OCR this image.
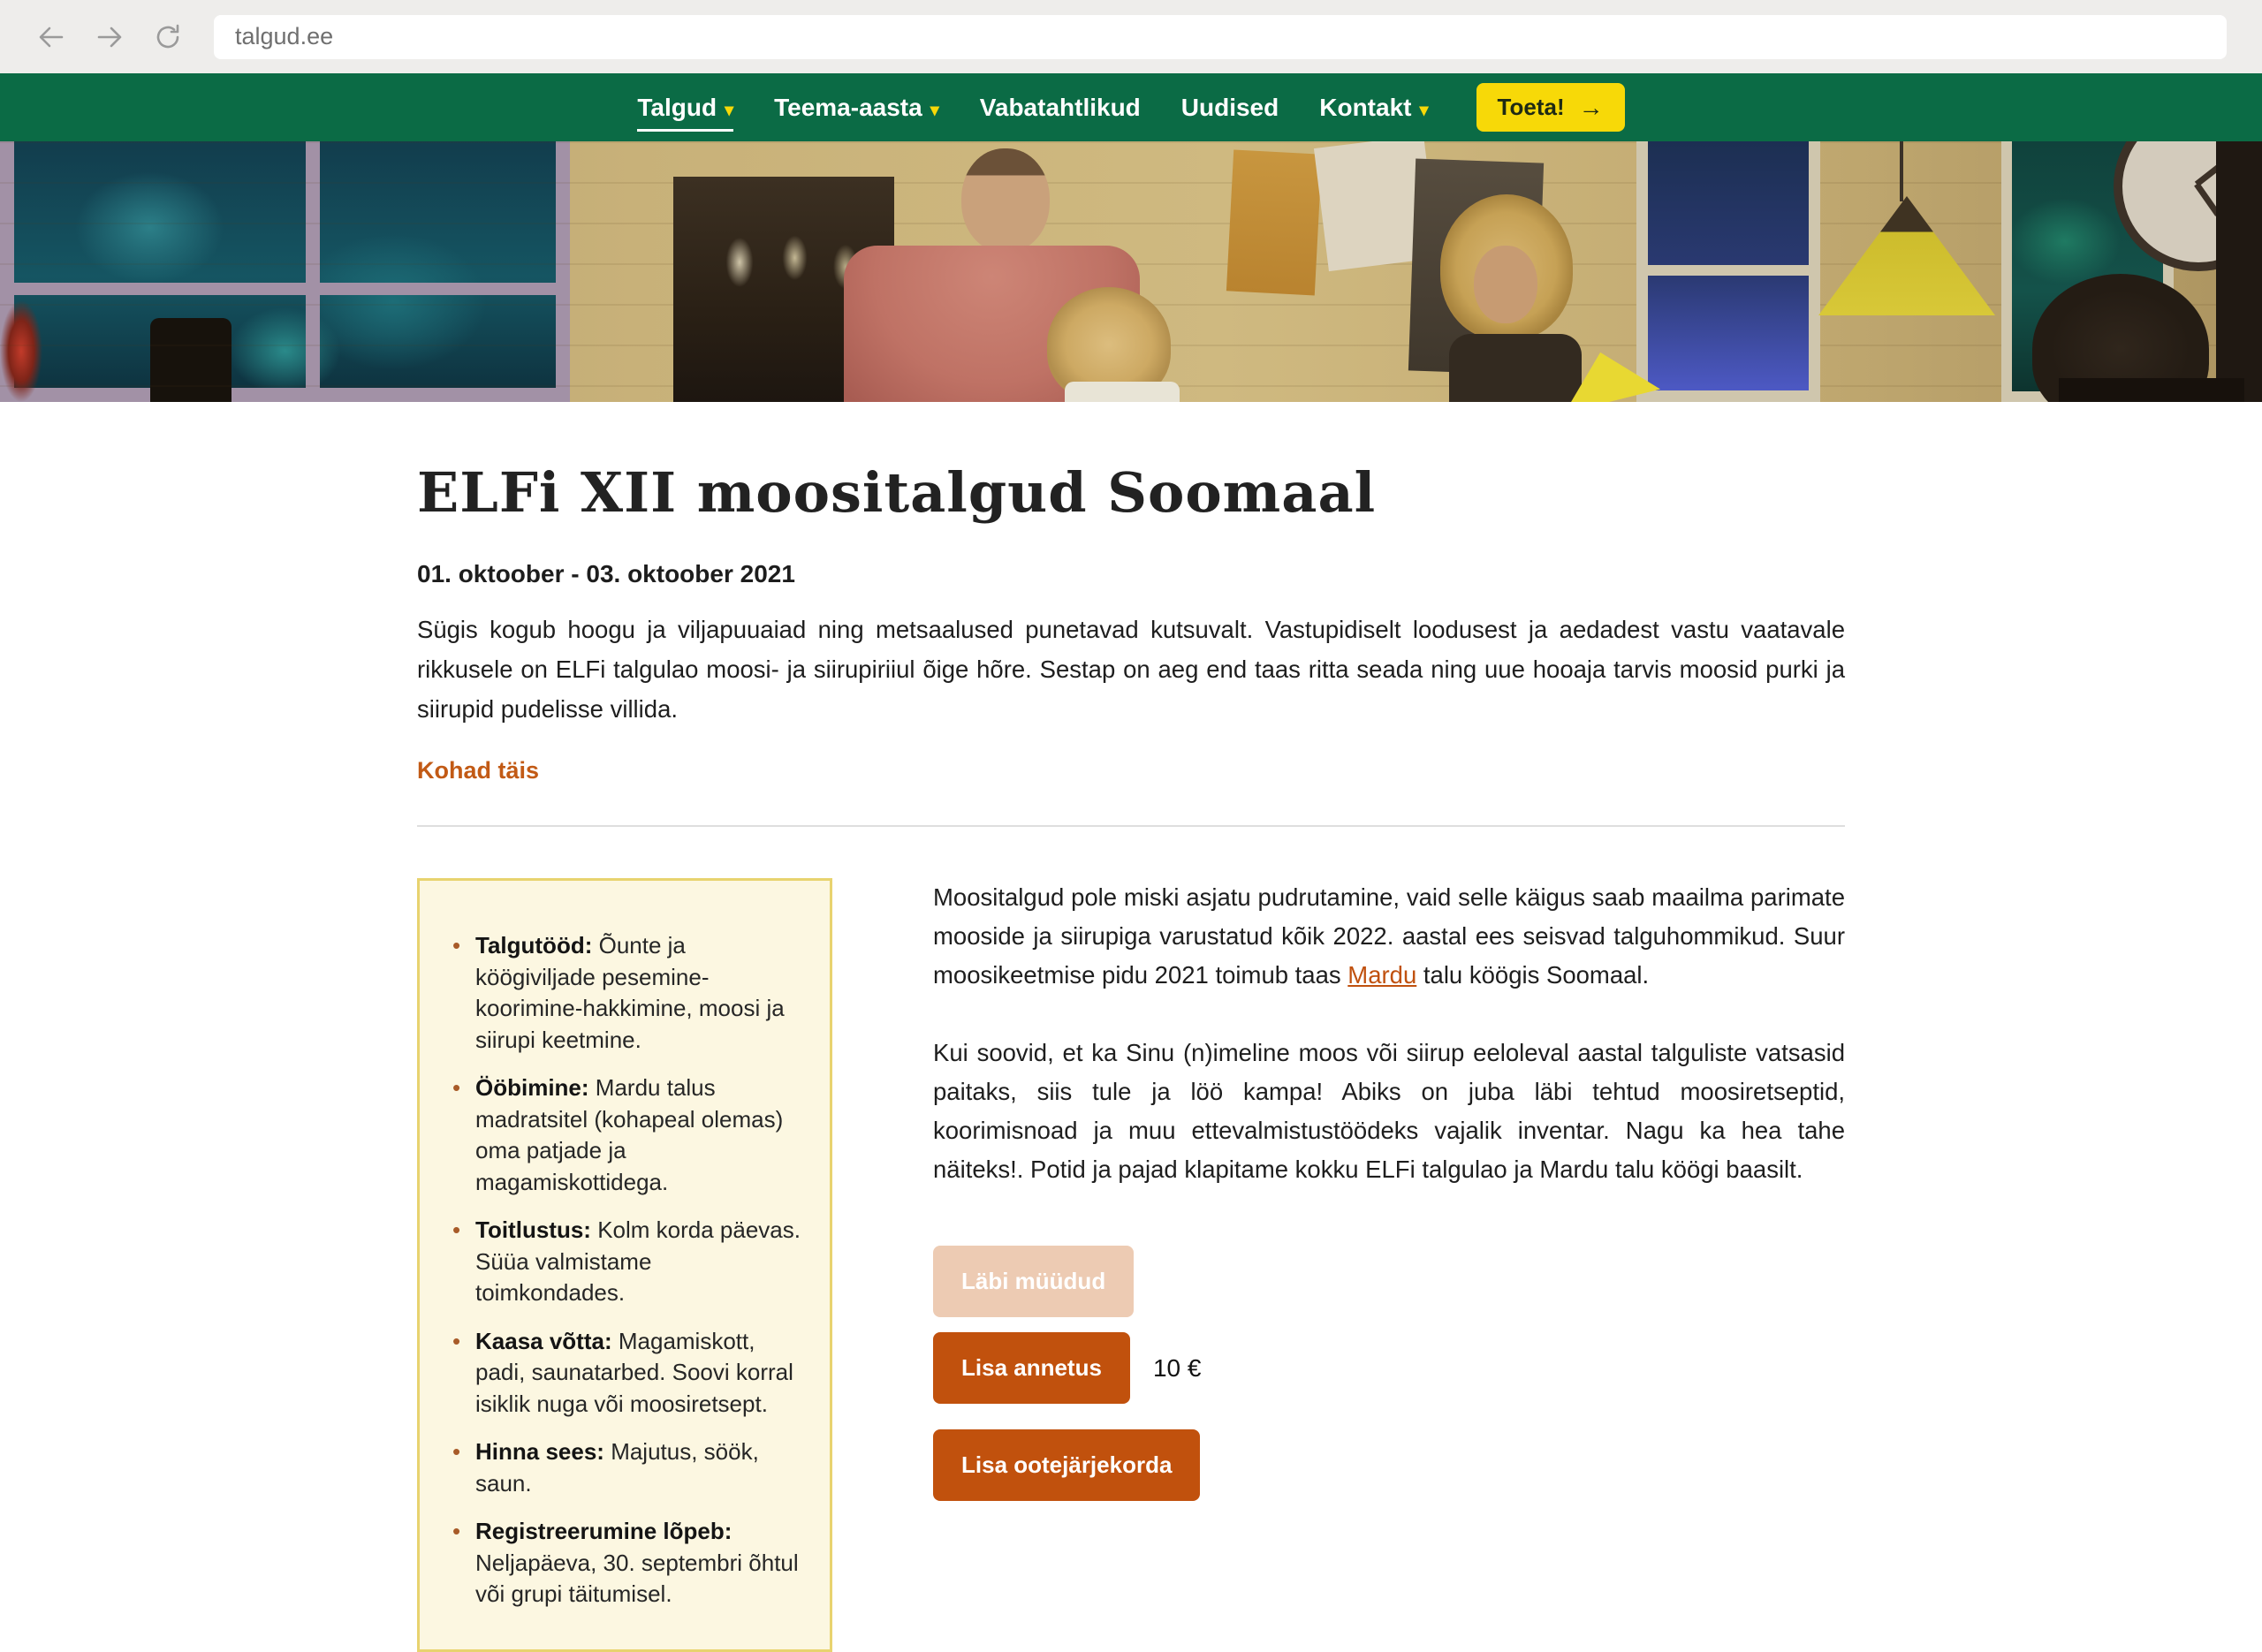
talgud.ee
Talgud ▾ Teema-aasta ▾ Vabatahtlikud Uudised Kontakt ▾	Toeta! →
ELFi XII moositalgud Soomaal
01. oktoober - 03. oktoober 2021

Sügis kogub hoogu ja viljapuuaiad ning metsaalused punetavad kutsuvalt. Vastupidiselt loodusest ja aedadest vastu vaatavale rikkusele on ELFi talgulao moosi- ja siirupiriiul õige hõre. Sestap on aeg end taas ritta seada ning uue hooaja tarvis moosid purki ja siirupid pudelisse villida.

Kohad täis
• Talgutööd: Õunte ja köögiviljade pesemine-koorimine-hakkimine, moosi ja siirupi keetmine.
• Ööbimine: Mardu talus madratsitel (kohapeal olemas) oma patjade ja magamiskottidega.
• Toitlustus: Kolm korda päevas. Süüa valmistame toimkondades.
• Kaasa võtta: Magamiskott, padi, saunatarbed. Soovi korral isiklik nuga või moosiretsept.
• Hinna sees: Majutus, söök, saun.
• Registreerumine lõpeb: Neljapäeva, 30. septembri õhtul või grupi täitumisel.

Moositalgud pole miski asjatu pudrutamine, vaid selle käigus saab maailma parimate mooside ja siirupiga varustatud kõik 2022. aastal ees seisvad talguhommikud. Suur moosikeetmise pidu 2021 toimub taas Mardu talu köögis Soomaal.

Kui soovid, et ka Sinu (n)imeline moos või siirup eeloleval aastal talguliste vatsasid paitaks, siis tule ja löö kampa! Abiks on juba läbi tehtud moosiretseptid, koorimisnoad ja muu ettevalmistustöödeks vajalik inventar. Nagu ka hea tahe näiteks!. Potid ja pajad klapitame kokku ELFi talgulao ja Mardu talu köögi baasilt.

Läbi müüdud
Lisa annetus	10 €
Lisa ootejärjekorda
